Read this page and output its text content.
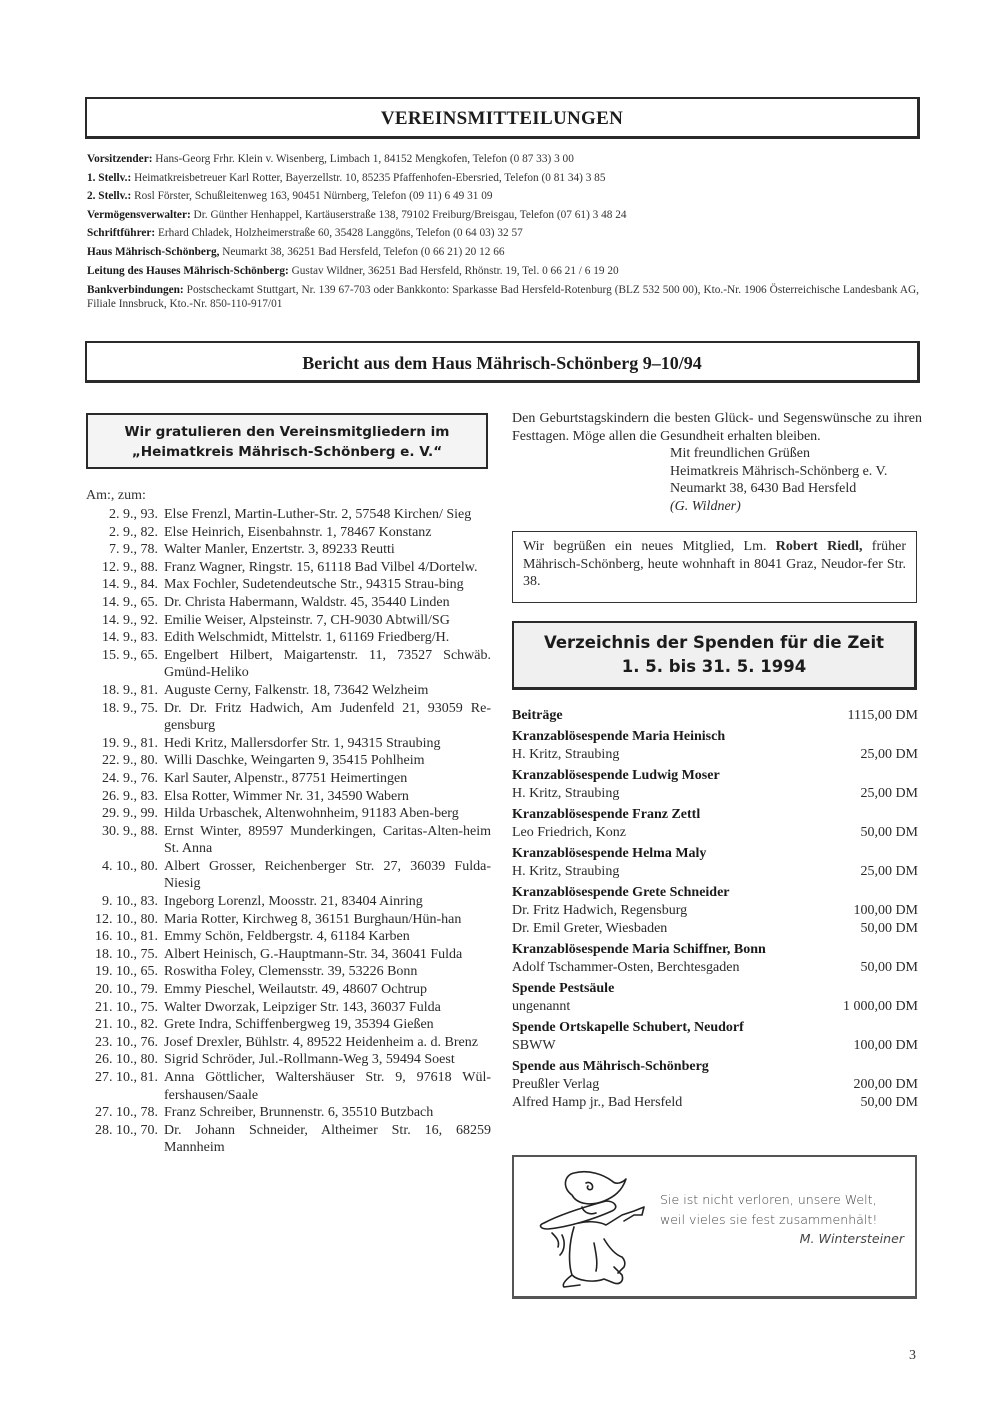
VEREINSMITTEILUNGEN
Vorsitzender: Hans-Georg Frhr. Klein v. Wisenberg, Limbach 1, 84152 Mengkofen, Telefon (0 87 33) 3 00
1. Stellv.: Heimatkreisbetreuer Karl Rotter, Bayerzellstr. 10, 85235 Pfaffenhofen-Ebersried, Telefon (0 81 34) 3 85
2. Stellv.: Rosl Förster, Schußleitenweg 163, 90451 Nürnberg, Telefon (09 11) 6 49 31 09
Vermögensverwalter: Dr. Günther Henhappel, Kartäuserstraße 138, 79102 Freiburg/Breisgau, Telefon (07 61) 3 48 24
Schriftführer: Erhard Chladek, Holzheimerstraße 60, 35428 Langgöns, Telefon (0 64 03) 32 57
Haus Mährisch-Schönberg, Neumarkt 38, 36251 Bad Hersfeld, Telefon (0 66 21) 20 12 66
Leitung des Hauses Mährisch-Schönberg: Gustav Wildner, 36251 Bad Hersfeld, Rhönstr. 19, Tel. 0 66 21 / 6 19 20
Bankverbindungen: Postscheckamt Stuttgart, Nr. 139 67-703 oder Bankkonto: Sparkasse Bad Hersfeld-Rotenburg (BLZ 532 500 00), Kto.-Nr. 1906 Österreichische Landesbank AG, Filiale Innsbruck, Kto.-Nr. 850-110-917/01
Bericht aus dem Haus Mährisch-Schönberg 9–10/94
Wir gratulieren den Vereinsmitgliedern im
„Heimatkreis Mährisch-Schönberg e. V.“
Am:, zum:
2. 9., 93. Else Frenzl, Martin-Luther-Str. 2, 57548 Kirchen/ Sieg
2. 9., 82. Else Heinrich, Eisenbahnstr. 1, 78467 Konstanz
7. 9., 78. Walter Manler, Enzertstr. 3, 89233 Reutti
12. 9., 88. Franz Wagner, Ringstr. 15, 61118 Bad Vilbel 4/Dortelw.
14. 9., 84. Max Fochler, Sudetendeutsche Str., 94315 Strau-bing
14. 9., 65. Dr. Christa Habermann, Waldstr. 45, 35440 Linden
14. 9., 92. Emilie Weiser, Alpsteinstr. 7, CH-9030 Abtwill/SG
14. 9., 83. Edith Welschmidt, Mittelstr. 1, 61169 Friedberg/H.
15. 9., 65. Engelbert Hilbert, Maigartenstr. 11, 73527 Schwäb. Gmünd-Heliko
18. 9., 81. Auguste Cerny, Falkenstr. 18, 73642 Welzheim
18. 9., 75. Dr. Dr. Fritz Hadwich, Am Judenfeld 21, 93059 Re-gensburg
19. 9., 81. Hedi Kritz, Mallersdorfer Str. 1, 94315 Straubing
22. 9., 80. Willi Daschke, Weingarten 9, 35415 Pohlheim
24. 9., 76. Karl Sauter, Alpenstr., 87751 Heimertingen
26. 9., 83. Elsa Rotter, Wimmer Nr. 31, 34590 Wabern
29. 9., 99. Hilda Urbaschek, Altenwohnheim, 91183 Aben-berg
30. 9., 88. Ernst Winter, 89597 Munderkingen, Caritas-Alten-heim St. Anna
4. 10., 80. Albert Grosser, Reichenberger Str. 27, 36039 Fulda-Niesig
9. 10., 83. Ingeborg Lorenzl, Moosstr. 21, 83404 Ainring
12. 10., 80. Maria Rotter, Kirchweg 8, 36151 Burghaun/Hün-han
16. 10., 81. Emmy Schön, Feldbergstr. 4, 61184 Karben
18. 10., 75. Albert Heinisch, G.-Hauptmann-Str. 34, 36041 Fulda
19. 10., 65. Roswitha Foley, Clemensstr. 39, 53226 Bonn
20. 10., 79. Emmy Pieschel, Weilautstr. 49, 48607 Ochtrup
21. 10., 75. Walter Dworzak, Leipziger Str. 143, 36037 Fulda
21. 10., 82. Grete Indra, Schiffenbergweg 19, 35394 Gießen
23. 10., 76. Josef Drexler, Bühlstr. 4, 89522 Heidenheim a. d. Brenz
26. 10., 80. Sigrid Schröder, Jul.-Rollmann-Weg 3, 59494 Soest
27. 10., 81. Anna Göttlicher, Waltershäuser Str. 9, 97618 Wül-fershausen/Saale
27. 10., 78. Franz Schreiber, Brunnenstr. 6, 35510 Butzbach
28. 10., 70. Dr. Johann Schneider, Altheimer Str. 16, 68259 Mannheim
Den Geburtstagskindern die besten Glück- und Segenswünsche zu ihren Festtagen. Möge allen die Gesundheit erhalten bleiben.
Mit freundlichen Grüßen
Heimatkreis Mährisch-Schönberg e. V.
Neumarkt 38, 6430 Bad Hersfeld
(G. Wildner)
Wir begrüßen ein neues Mitglied, Lm. Robert Riedl, früher Mährisch-Schönberg, heute wohnhaft in 8041 Graz, Neudor-fer Str. 38.
Verzeichnis der Spenden für die Zeit
1. 5. bis 31. 5. 1994
Beiträge	1115,00 DM
Kranzablösespende Maria Heinisch
H. Kritz, Straubing	25,00 DM
Kranzablösespende Ludwig Moser
H. Kritz, Straubing	25,00 DM
Kranzablösespende Franz Zettl
Leo Friedrich, Konz	50,00 DM
Kranzablösespende Helma Maly
H. Kritz, Straubing	25,00 DM
Kranzablösespende Grete Schneider
Dr. Fritz Hadwich, Regensburg	100,00 DM
Dr. Emil Greter, Wiesbaden	50,00 DM
Kranzablösespende Maria Schiffner, Bonn
Adolf Tschammer-Osten, Berchtesgaden	50,00 DM
Spende Pestsäule
ungenannt	1 000,00 DM
Spende Ortskapelle Schubert, Neudorf
SBWW	100,00 DM
Spende aus Mährisch-Schönberg
Preußler Verlag	200,00 DM
Alfred Hamp jr., Bad Hersfeld	50,00 DM
Sie ist nicht verloren, unsere Welt,
weil vieles sie fest zusammenhält!
M. Wintersteiner
3
